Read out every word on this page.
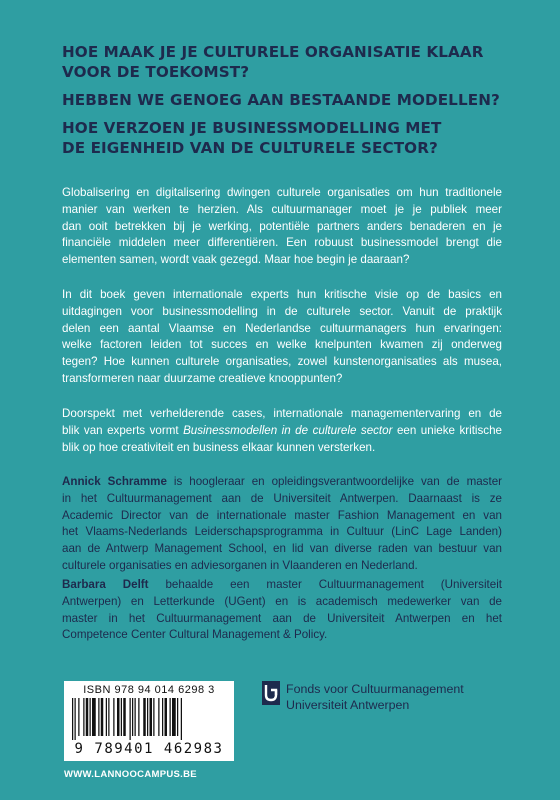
HOE MAAK JE JE CULTURELE ORGANISATIE KLAAR
VOOR DE TOEKOMST?
HEBBEN WE GENOEG AAN BESTAANDE MODELLEN?
HOE VERZOEN JE BUSINESSMODELLING MET
DE EIGENHEID VAN DE CULTURELE SECTOR?
Globalisering en digitalisering dwingen culturele organisaties om hun traditionele
manier van werken te herzien. Als cultuurmanager moet je je publiek meer
dan ooit betrekken bij je werking, potentiële partners anders benaderen en je
financiële middelen meer differentiëren. Een robuust businessmodel brengt die
elementen samen, wordt vaak gezegd. Maar hoe begin je daaraan?
In dit boek geven internationale experts hun kritische visie op de basics en
uitdagingen voor businessmodelling in de culturele sector. Vanuit de praktijk
delen een aantal Vlaamse en Nederlandse cultuurmanagers hun ervaringen:
welke factoren leiden tot succes en welke knelpunten kwamen zij onderweg
tegen? Hoe kunnen culturele organisaties, zowel kunstenorganisaties als musea,
transformeren naar duurzame creatieve knooppunten?
Doorspekt met verhelderende cases, internationale managementervaring en de
blik van experts vormt Businessmodellen in de culturele sector een unieke kritische
blik op hoe creativiteit en business elkaar kunnen versterken.
Annick Schramme is hoogleraar en opleidingsverantwoordelijke van de master
in het Cultuurmanagement aan de Universiteit Antwerpen. Daarnaast is ze
Academic Director van de internationale master Fashion Management en van
het Vlaams-Nederlands Leiderschapsprogramma in Cultuur (LinC Lage Landen)
aan de Antwerp Management School, en lid van diverse raden van bestuur van
culturele organisaties en adviesorganen in Vlaanderen en Nederland.
Barbara Delft behaalde een master Cultuurmanagement (Universiteit
Antwerpen) en Letterkunde (UGent) en is academisch medewerker van de
master in het Cultuurmanagement aan de Universiteit Antwerpen en het
Competence Center Cultural Management & Policy.
ISBN 978 94 014 6298 3
9 789401 462983
WWW.LANNOOCAMPUS.BE
Fonds voor Cultuurmanagement
Universiteit Antwerpen
